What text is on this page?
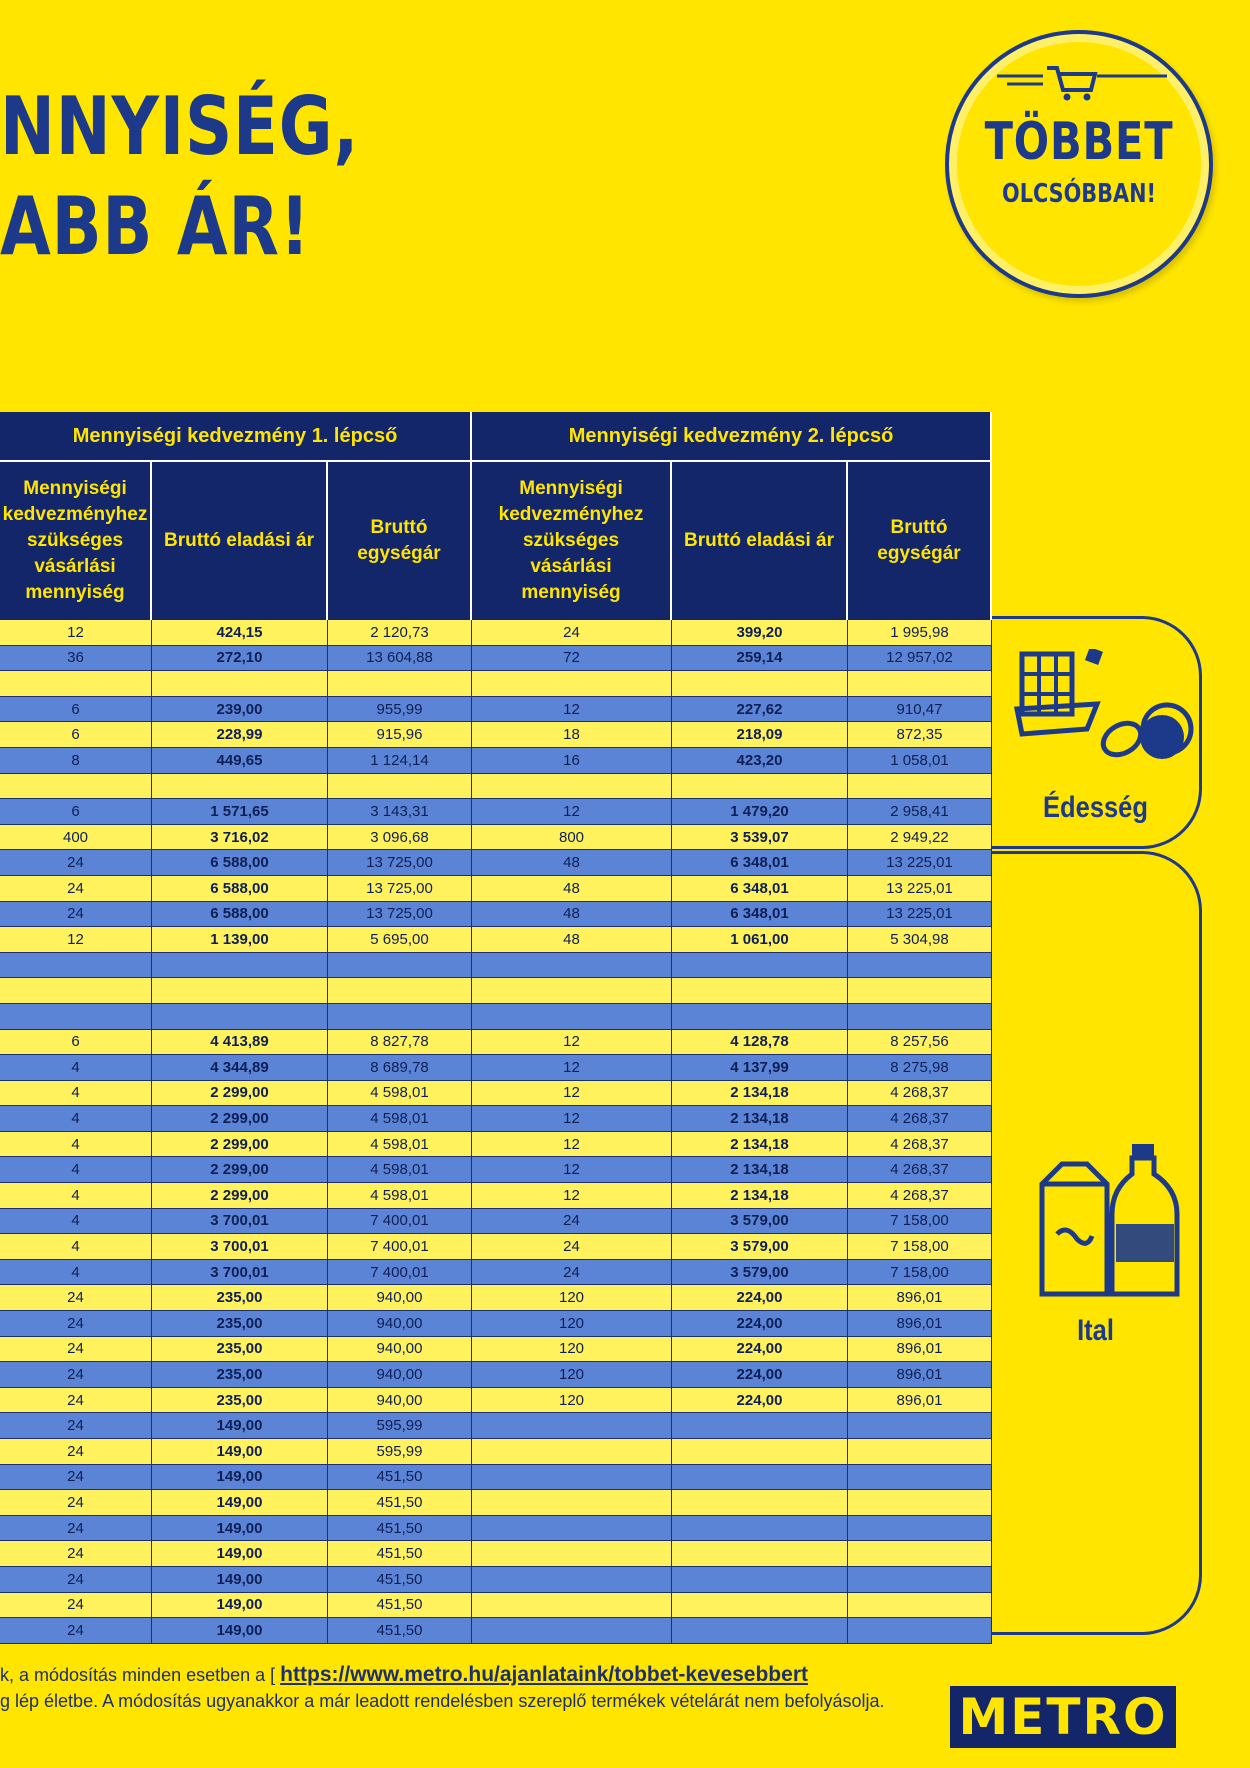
NNYISÉG,
ABB ÁR!
TÖBBET
OLCSÓBBAN!
Mennyiségi kedvezmény 1. lépcső	Mennyiségi kedvezmény 2. lépcső
Mennyiségi
kedvezményhez
szükséges
vásárlási
mennyiség
Bruttó eladási ár
Bruttó
egységár
Mennyiségi
kedvezményhez
szükséges
vásárlási
mennyiség
Bruttó eladási ár
Bruttó
egységár
12	424,15	2 120,73	24	399,20	1 995,98
36	272,10	13 604,88	72	259,14	12 957,02
6	239,00	955,99	12	227,62	910,47
6	228,99	915,96	18	218,09	872,35
8	449,65	1 124,14	16	423,20	1 058,01
6	1 571,65	3 143,31	12	1 479,20	2 958,41
400	3 716,02	3 096,68	800	3 539,07	2 949,22
24	6 588,00	13 725,00	48	6 348,01	13 225,01
24	6 588,00	13 725,00	48	6 348,01	13 225,01
24	6 588,00	13 725,00	48	6 348,01	13 225,01
12	1 139,00	5 695,00	48	1 061,00	5 304,98
6	4 413,89	8 827,78	12	4 128,78	8 257,56
4	4 344,89	8 689,78	12	4 137,99	8 275,98
4	2 299,00	4 598,01	12	2 134,18	4 268,37
4	2 299,00	4 598,01	12	2 134,18	4 268,37
4	2 299,00	4 598,01	12	2 134,18	4 268,37
4	2 299,00	4 598,01	12	2 134,18	4 268,37
4	2 299,00	4 598,01	12	2 134,18	4 268,37
4	3 700,01	7 400,01	24	3 579,00	7 158,00
4	3 700,01	7 400,01	24	3 579,00	7 158,00
4	3 700,01	7 400,01	24	3 579,00	7 158,00
24	235,00	940,00	120	224,00	896,01
24	235,00	940,00	120	224,00	896,01
24	235,00	940,00	120	224,00	896,01
24	235,00	940,00	120	224,00	896,01
24	235,00	940,00	120	224,00	896,01
24	149,00	595,99
24	149,00	595,99
24	149,00	451,50
24	149,00	451,50
24	149,00	451,50
24	149,00	451,50
24	149,00	451,50
24	149,00	451,50
24	149,00	451,50
Édesség
Ital
k, a módosítás minden esetben a [ https://www.metro.hu/ajanlataink/tobbet-kevesebbert
g lép életbe. A módosítás ugyanakkor a már leadott rendelésben szereplő termékek vételárát nem befolyásolja. METRO
